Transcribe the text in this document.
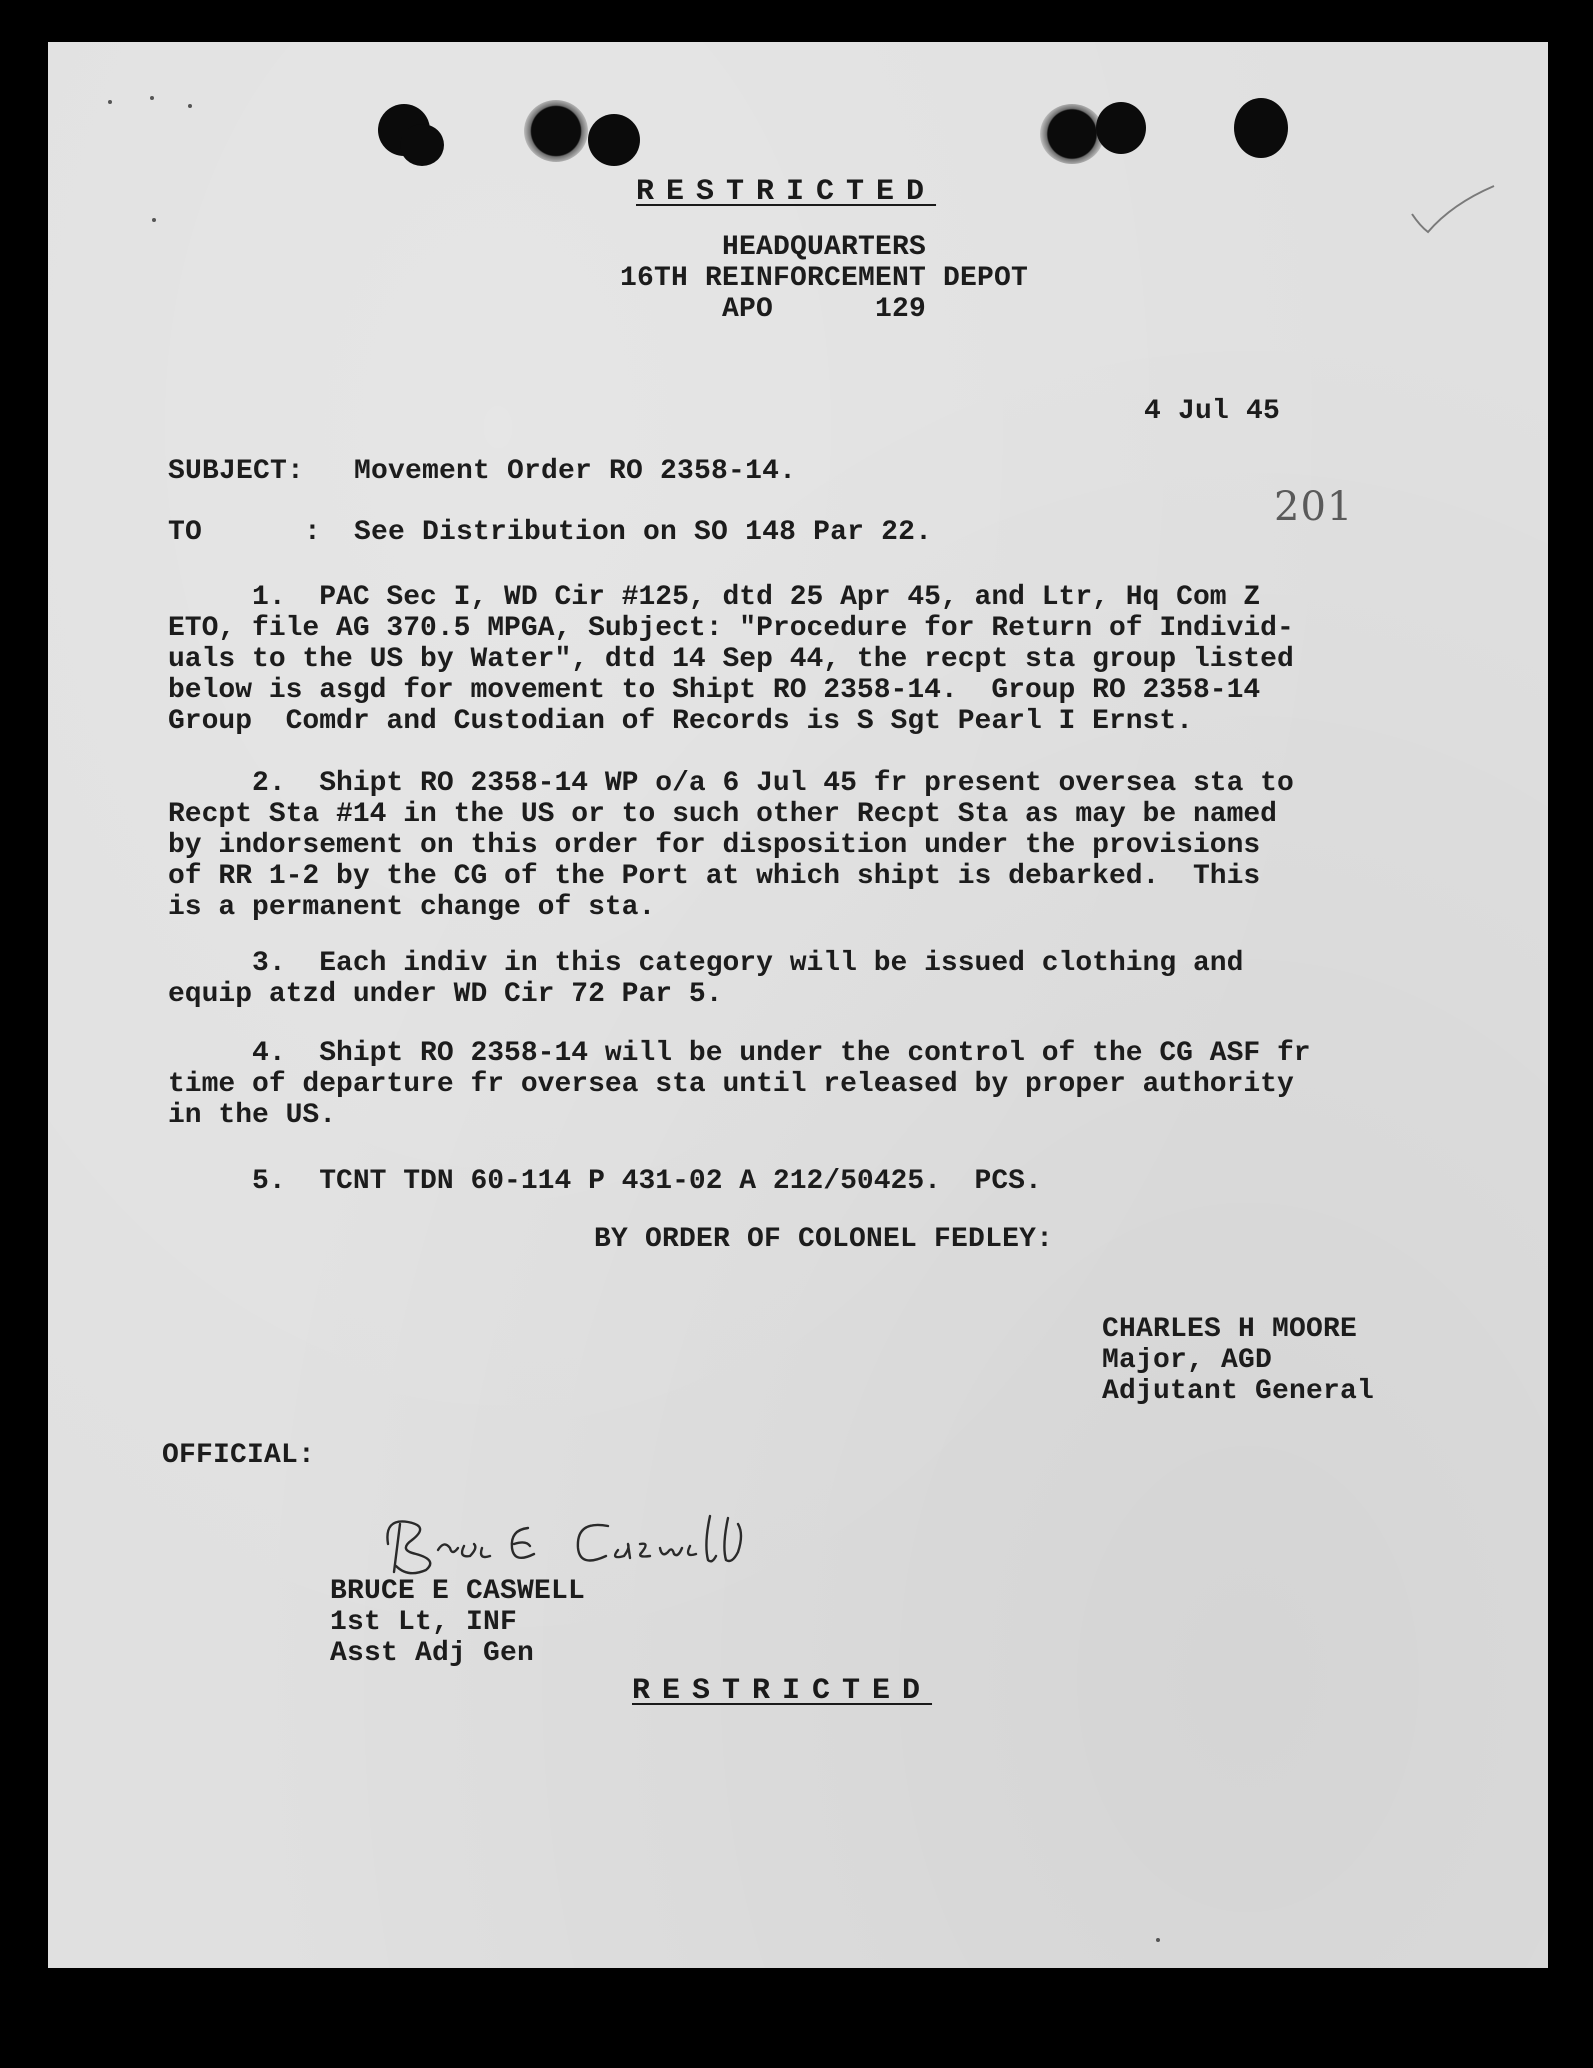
RESTRICTED
HEADQUARTERS
16TH REINFORCEMENT DEPOT
APO      129
4 Jul 45
SUBJECT: Movement Order RO 2358-14.
201
TO      : See Distribution on SO 148 Par 22.
1.  PAC Sec I, WD Cir #125, dtd 25 Apr 45, and Ltr, Hq Com Z
ETO, file AG 370.5 MPGA, Subject: "Procedure for Return of Individ-
uals to the US by Water", dtd 14 Sep 44, the recpt sta group listed
below is asgd for movement to Shipt RO 2358-14.  Group RO 2358-14
Group  Comdr and Custodian of Records is S Sgt Pearl I Ernst.
2.  Shipt RO 2358-14 WP o/a 6 Jul 45 fr present oversea sta to
Recpt Sta #14 in the US or to such other Recpt Sta as may be named
by indorsement on this order for disposition under the provisions
of RR 1-2 by the CG of the Port at which shipt is debarked.  This
is a permanent change of sta.
3.  Each indiv in this category will be issued clothing and
equip atzd under WD Cir 72 Par 5.
4.  Shipt RO 2358-14 will be under the control of the CG ASF fr
time of departure fr oversea sta until released by proper authority
in the US.
5.  TCNT TDN 60-114 P 431-02 A 212/50425.  PCS.
BY ORDER OF COLONEL FEDLEY:
CHARLES H MOORE
Major, AGD
Adjutant General
OFFICIAL:
BRUCE E CASWELL
1st Lt, INF
Asst Adj Gen
RESTRICTED
